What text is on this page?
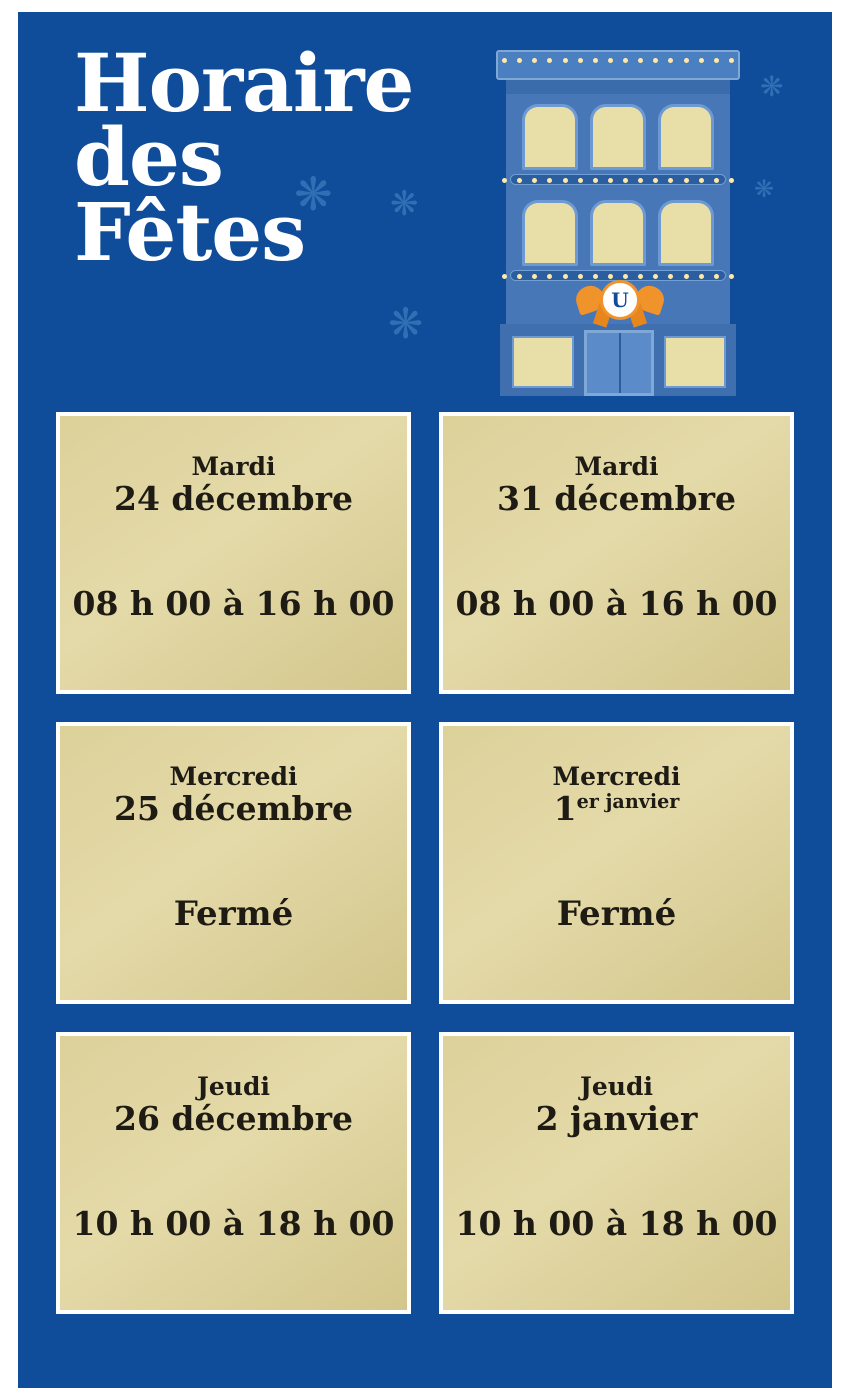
Horaire
des
Fêtes
❋ ❋
❋
❋
❋
U
Mardi
24 décembre
08 h 00 à 16 h 00
Mardi
31 décembre
08 h 00 à 16 h 00
Mercredi
25 décembre
Fermé
Mercredi
$1^{er janvier}$
Fermé
Jeudi
26 décembre
10 h 00 à 18 h 00
Jeudi
2 janvier
10 h 00 à 18 h 00
